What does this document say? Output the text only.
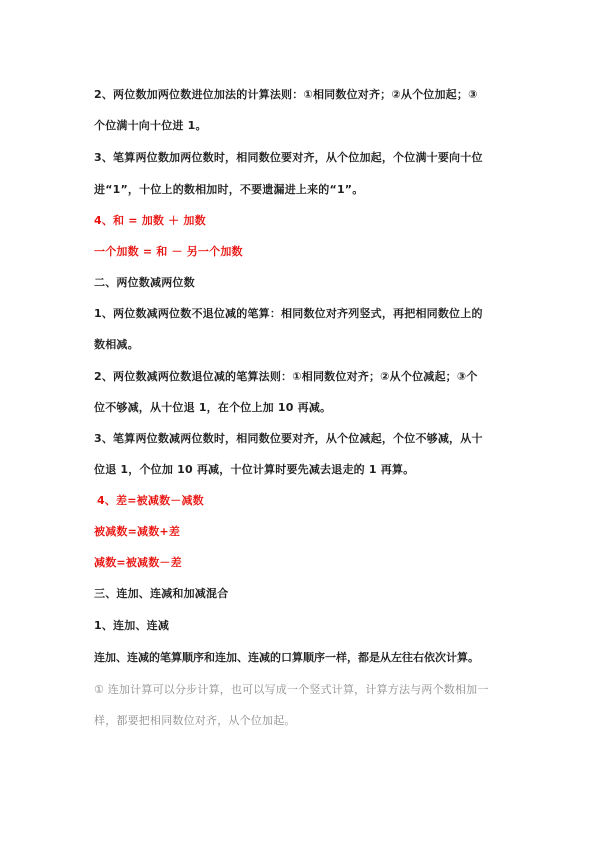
2、两位数加两位数进位加法的计算法则：①相同数位对齐；②从个位加起；③

个位满十向十位进 1。

3、笔算两位数加两位数时，相同数位要对齐，从个位加起，个位满十要向十位

进“1”，十位上的数相加时，不要遗漏进上来的“1”。

4、和 = 加数 ＋ 加数

一个加数 = 和 － 另一个加数

二、两位数减两位数

1、两位数减两位数不退位减的笔算：相同数位对齐列竖式，再把相同数位上的

数相减。

2、两位数减两位数退位减的笔算法则：①相同数位对齐；②从个位减起；③个

位不够减，从十位退 1，在个位上加 10 再减。

3、笔算两位数减两位数时，相同数位要对齐，从个位减起，个位不够减，从十

位退 1，个位加 10 再减，十位计算时要先减去退走的 1 再算。

4、差=被减数－减数

被减数=减数+差

减数=被减数－差

三、连加、连减和加减混合

1、连加、连减

连加、连减的笔算顺序和连加、连减的口算顺序一样，都是从左往右依次计算。

① 连加计算可以分步计算，也可以写成一个竖式计算，计算方法与两个数相加一

样，都要把相同数位对齐，从个位加起。
